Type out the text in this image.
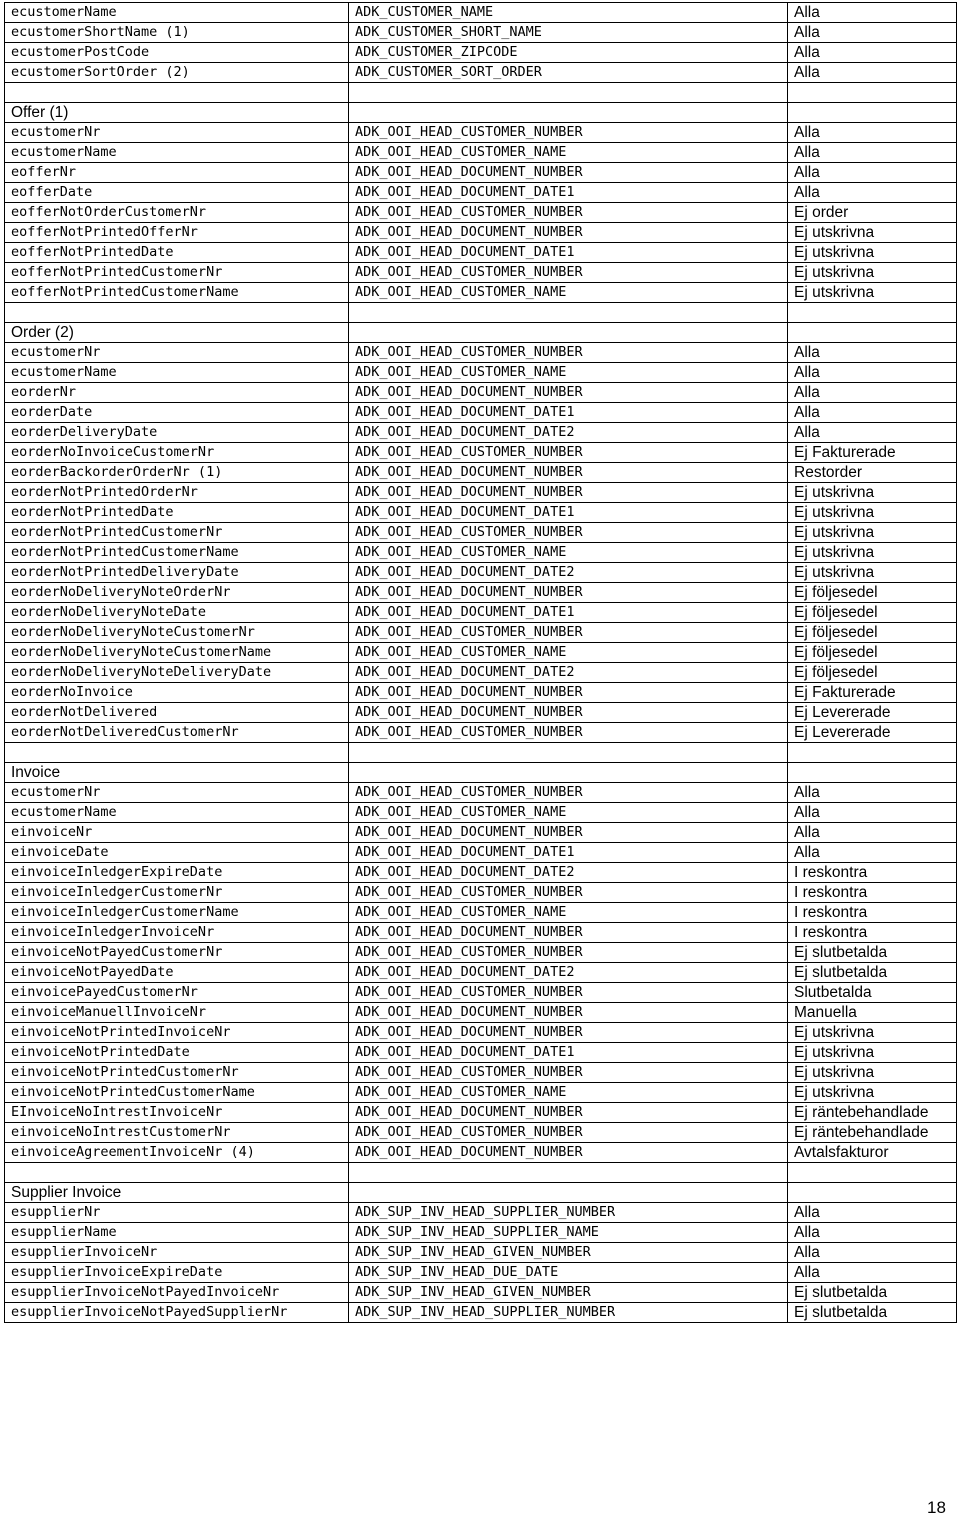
ecustomerName	ADK_CUSTOMER_NAME	Alla
ecustomerShortName (1)	ADK_CUSTOMER_SHORT_NAME	Alla
ecustomerPostCode	ADK_CUSTOMER_ZIPCODE	Alla
ecustomerSortOrder (2)	ADK_CUSTOMER_SORT_ORDER	Alla

Offer (1)		
ecustomerNr	ADK_OOI_HEAD_CUSTOMER_NUMBER	Alla
ecustomerName	ADK_OOI_HEAD_CUSTOMER_NAME	Alla
eofferNr	ADK_OOI_HEAD_DOCUMENT_NUMBER	Alla
eofferDate	ADK_OOI_HEAD_DOCUMENT_DATE1	Alla
eofferNotOrderCustomerNr	ADK_OOI_HEAD_CUSTOMER_NUMBER	Ej order
eofferNotPrintedOfferNr	ADK_OOI_HEAD_DOCUMENT_NUMBER	Ej utskrivna
eofferNotPrintedDate	ADK_OOI_HEAD_DOCUMENT_DATE1	Ej utskrivna
eofferNotPrintedCustomerNr	ADK_OOI_HEAD_CUSTOMER_NUMBER	Ej utskrivna
eofferNotPrintedCustomerName	ADK_OOI_HEAD_CUSTOMER_NAME	Ej utskrivna

Order (2)		
ecustomerNr	ADK_OOI_HEAD_CUSTOMER_NUMBER	Alla
ecustomerName	ADK_OOI_HEAD_CUSTOMER_NAME	Alla
eorderNr	ADK_OOI_HEAD_DOCUMENT_NUMBER	Alla
eorderDate	ADK_OOI_HEAD_DOCUMENT_DATE1	Alla
eorderDeliveryDate	ADK_OOI_HEAD_DOCUMENT_DATE2	Alla
eorderNoInvoiceCustomerNr	ADK_OOI_HEAD_CUSTOMER_NUMBER	Ej Fakturerade
eorderBackorderOrderNr (1)	ADK_OOI_HEAD_DOCUMENT_NUMBER	Restorder
eorderNotPrintedOrderNr	ADK_OOI_HEAD_DOCUMENT_NUMBER	Ej utskrivna
eorderNotPrintedDate	ADK_OOI_HEAD_DOCUMENT_DATE1	Ej utskrivna
eorderNotPrintedCustomerNr	ADK_OOI_HEAD_CUSTOMER_NUMBER	Ej utskrivna
eorderNotPrintedCustomerName	ADK_OOI_HEAD_CUSTOMER_NAME	Ej utskrivna
eorderNotPrintedDeliveryDate	ADK_OOI_HEAD_DOCUMENT_DATE2	Ej utskrivna
eorderNoDeliveryNoteOrderNr	ADK_OOI_HEAD_DOCUMENT_NUMBER	Ej följesedel
eorderNoDeliveryNoteDate	ADK_OOI_HEAD_DOCUMENT_DATE1	Ej följesedel
eorderNoDeliveryNoteCustomerNr	ADK_OOI_HEAD_CUSTOMER_NUMBER	Ej följesedel
eorderNoDeliveryNoteCustomerName	ADK_OOI_HEAD_CUSTOMER_NAME	Ej följesedel
eorderNoDeliveryNoteDeliveryDate	ADK_OOI_HEAD_DOCUMENT_DATE2	Ej följesedel
eorderNoInvoice	ADK_OOI_HEAD_DOCUMENT_NUMBER	Ej Fakturerade
eorderNotDelivered	ADK_OOI_HEAD_DOCUMENT_NUMBER	Ej Levererade
eorderNotDeliveredCustomerNr	ADK_OOI_HEAD_CUSTOMER_NUMBER	Ej Levererade

Invoice		
ecustomerNr	ADK_OOI_HEAD_CUSTOMER_NUMBER	Alla
ecustomerName	ADK_OOI_HEAD_CUSTOMER_NAME	Alla
einvoiceNr	ADK_OOI_HEAD_DOCUMENT_NUMBER	Alla
einvoiceDate	ADK_OOI_HEAD_DOCUMENT_DATE1	Alla
einvoiceInledgerExpireDate	ADK_OOI_HEAD_DOCUMENT_DATE2	I reskontra
einvoiceInledgerCustomerNr	ADK_OOI_HEAD_CUSTOMER_NUMBER	I reskontra
einvoiceInledgerCustomerName	ADK_OOI_HEAD_CUSTOMER_NAME	I reskontra
einvoiceInledgerInvoiceNr	ADK_OOI_HEAD_DOCUMENT_NUMBER	I reskontra
einvoiceNotPayedCustomerNr	ADK_OOI_HEAD_CUSTOMER_NUMBER	Ej slutbetalda
einvoiceNotPayedDate	ADK_OOI_HEAD_DOCUMENT_DATE2	Ej slutbetalda
einvoicePayedCustomerNr	ADK_OOI_HEAD_CUSTOMER_NUMBER	Slutbetalda
einvoiceManuellInvoiceNr	ADK_OOI_HEAD_DOCUMENT_NUMBER	Manuella
einvoiceNotPrintedInvoiceNr	ADK_OOI_HEAD_DOCUMENT_NUMBER	Ej utskrivna
einvoiceNotPrintedDate	ADK_OOI_HEAD_DOCUMENT_DATE1	Ej utskrivna
einvoiceNotPrintedCustomerNr	ADK_OOI_HEAD_CUSTOMER_NUMBER	Ej utskrivna
einvoiceNotPrintedCustomerName	ADK_OOI_HEAD_CUSTOMER_NAME	Ej utskrivna
EInvoiceNoIntrestInvoiceNr	ADK_OOI_HEAD_DOCUMENT_NUMBER	Ej räntebehandlade
einvoiceNoIntrestCustomerNr	ADK_OOI_HEAD_CUSTOMER_NUMBER	Ej räntebehandlade
einvoiceAgreementInvoiceNr (4)	ADK_OOI_HEAD_DOCUMENT_NUMBER	Avtalsfakturor

Supplier Invoice		
esupplierNr	ADK_SUP_INV_HEAD_SUPPLIER_NUMBER	Alla
esupplierName	ADK_SUP_INV_HEAD_SUPPLIER_NAME	Alla
esupplierInvoiceNr	ADK_SUP_INV_HEAD_GIVEN_NUMBER	Alla
esupplierInvoiceExpireDate	ADK_SUP_INV_HEAD_DUE_DATE	Alla
esupplierInvoiceNotPayedInvoiceNr	ADK_SUP_INV_HEAD_GIVEN_NUMBER	Ej slutbetalda
esupplierInvoiceNotPayedSupplierNr	ADK_SUP_INV_HEAD_SUPPLIER_NUMBER	Ej slutbetalda
18
